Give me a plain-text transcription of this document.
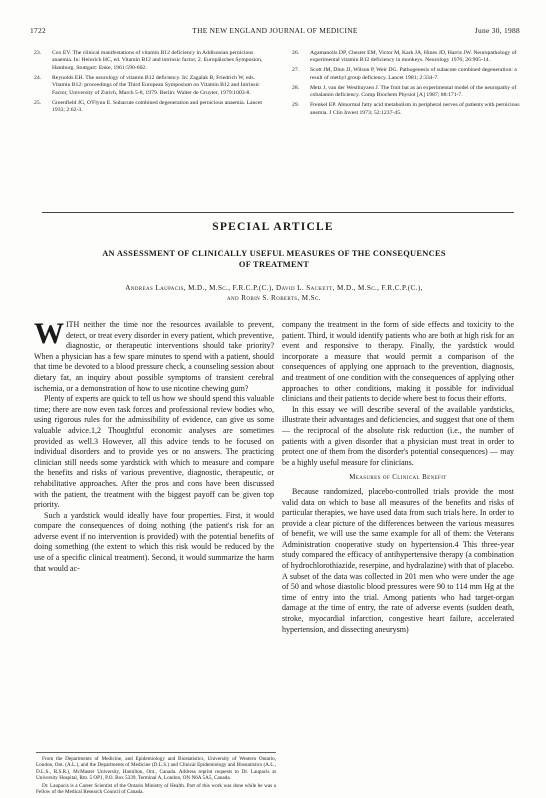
1722	THE NEW ENGLAND JOURNAL OF MEDICINE	June 30, 1988
23. Cox EV. The clinical manifestations of vitamin B12 deficiency in Addisonian pernicious anaemia. In: Heinrich HC, ed. Vitamin B12 and intrinsic factor, 2. Europäisches Symposion, Hamburg. Stuttgart: Enke, 1961:590-602.
24. Reynolds EH. The neurology of vitamin B12 deficiency. In: Zagalak B, Friedrich W, eds. Vitamin B12: proceedings of the Third European Symposium on Vitamin B12 and Intrinsic Factor, University of Zurich, March 5-8, 1979. Berlin: Walter de Gruyter, 1979:1003-8.
25. Greenfield JG, O'Flynn E. Subacute combined degeneration and pernicious anaemia. Lancet 1933; 2:62-3.
26. Agamanolis DP, Chester EM, Victor M, Kark JA, Hines JD, Harris JW. Neuropathology of experimental vitamin B12 deficiency in monkeys. Neurology 1976; 26:905-14.
27. Scott JM, Dinn JJ, Wilson P, Weir DG. Pathogenesis of subacute combined degeneration: a result of methyl group deficiency. Lancet 1981; 2:334-7.
28. Metz J, van der Westhuyzen J. The fruit bat as an experimental model of the neuropathy of cobalamin deficiency. Comp Biochem Physiol [A] 1987; 88:171-7.
29. Frenkel EP. Abnormal fatty acid metabolism in peripheral nerves of patients with pernicious anemia. J Clin Invest 1973; 52:1237-45.
SPECIAL ARTICLE
AN ASSESSMENT OF CLINICALLY USEFUL MEASURES OF THE CONSEQUENCES
OF TREATMENT
Andreas Laupacis, M.D., M.Sc., F.R.C.P.(C.), David L. Sackett, M.D., M.Sc., F.R.C.P.(C.),
and Robin S. Roberts, M.Sc.

WITH neither the time nor the resources available to prevent, detect, or treat every disorder in every patient, which preventive, diagnostic, or therapeutic interventions should take priority? When a physician has a few spare minutes to spend with a patient, should that time be devoted to a blood pressure check, a counseling session about dietary fat, an inquiry about possible symptoms of transient cerebral ischemia, or a demonstration of how to use nicotine chewing gum?

Plenty of experts are quick to tell us how we should spend this valuable time; there are now even task forces and professional review bodies who, using rigorous rules for the admissibility of evidence, can give us some valuable advice.1,2 Thoughtful economic analyses are sometimes provided as well.3 However, all this advice tends to be focused on individual disorders and to provide yes or no answers. The practicing clinician still needs some yardstick with which to measure and compare the benefits and risks of various preventive, diagnostic, therapeutic, or rehabilitative approaches. After the pros and cons have been discussed with the patient, the treatment with the biggest payoff can be given top priority.

Such a yardstick would ideally have four properties. First, it would compare the consequences of doing nothing (the patient's risk for an adverse event if no intervention is provided) with the potential benefits of doing something (the extent to which this risk would be reduced by the use of a specific clinical treatment). Second, it would summarize the harm that would ac-

company the treatment in the form of side effects and toxicity to the patient. Third, it would identify patients who are both at high risk for an event and responsive to therapy. Finally, the yardstick would incorporate a measure that would permit a comparison of the consequences of applying one approach to the prevention, diagnosis, and treatment of one condition with the consequences of applying other approaches to other conditions, making it possible for individual clinicians and their patients to decide where best to focus their efforts.

In this essay we will describe several of the available yardsticks, illustrate their advantages and deficiencies, and suggest that one of them — the reciprocal of the absolute risk reduction (i.e., the number of patients with a given disorder that a physician must treat in order to protect one of them from the disorder's potential consequences) — may be a highly useful measure for clinicians.

Measures of Clinical Benefit

Because randomized, placebo-controlled trials provide the most valid data on which to base all measures of the benefits and risks of particular therapies, we have used data from such trials here. In order to provide a clear picture of the differences between the various measures of benefit, we will use the same example for all of them: the Veterans Administration cooperative study on hypertension.4 This three-year study compared the efficacy of antihypertensive therapy (a combination of hydrochlorothiazide, reserpine, and hydralazine) with that of placebo. A subset of the data was collected in 201 men who were under the age of 50 and whose diastolic blood pressures were 90 to 114 mm Hg at the time of entry into the trial. Among patients who had target-organ damage at the time of entry, the rate of adverse events (sudden death, stroke, myocardial infarction, congestive heart failure, accelerated hypertension, and dissecting aneurysm)

From the Departments of Medicine, and Epidemiology and Biostatistics, University of Western Ontario, London, Ont. (A.L.), and the Departments of Medicine (D.L.S.) and Clinical Epidemiology and Biostatistics (A.L., D.L.S., R.S.R.), McMaster University, Hamilton, Ont., Canada. Address reprint requests to Dr. Laupacis at University Hospital, Rm. 5 OP1, P.O. Box 5339, Terminal A, London, ON N6A 5A5, Canada.

Dr. Laupacis is a Career Scientist of the Ontario Ministry of Health. Part of this work was done while he was a Fellow of the Medical Research Council of Canada.
